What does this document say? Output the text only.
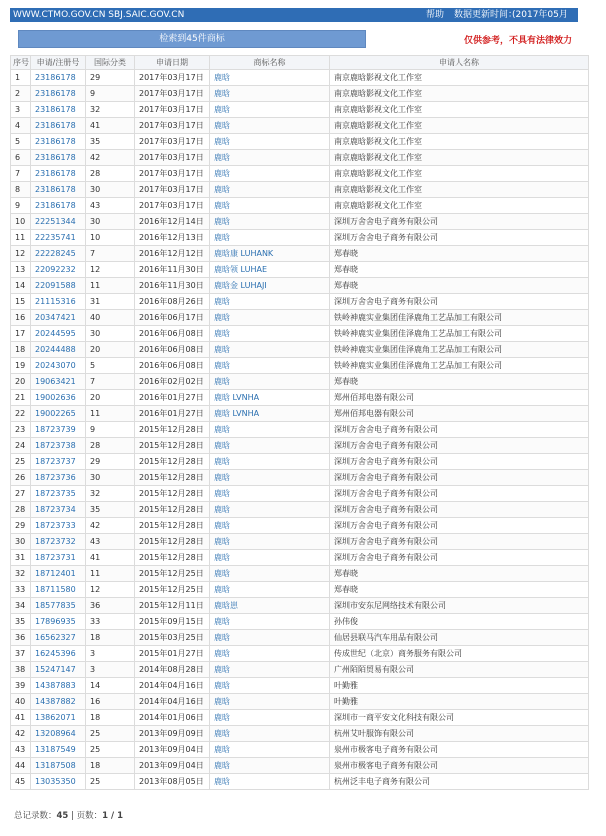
WWW.CTMO.GOV.CN SBJ.SAIC.GOV.CN	帮助 数据更新时间：
(2017年05月31日)
检索到45件商标	仅供参考，不具有法律效力
序号	申请/注册号	国际分类	申请日期	商标名称	申请人名称
1	23186178	29	2017年03月17日	鹿晗	南京鹿晗影视文化工作室
2	23186178	9	2017年03月17日	鹿晗	南京鹿晗影视文化工作室
3	23186178	32	2017年03月17日	鹿晗	南京鹿晗影视文化工作室
4	23186178	41	2017年03月17日	鹿晗	南京鹿晗影视文化工作室
5	23186178	35	2017年03月17日	鹿晗	南京鹿晗影视文化工作室
6	23186178	42	2017年03月17日	鹿晗	南京鹿晗影视文化工作室
7	23186178	28	2017年03月17日	鹿晗	南京鹿晗影视文化工作室
8	23186178	30	2017年03月17日	鹿晗	南京鹿晗影视文化工作室
9	23186178	43	2017年03月17日	鹿晗	南京鹿晗影视文化工作室
10	22251344	30	2016年12月14日	鹿晗	深圳万舍舍电子商务有限公司
11	22235741	10	2016年12月13日	鹿晗	深圳万舍舍电子商务有限公司
12	22228245	7	2016年12月12日	鹿晗康 LUHANK	郑春晓
13	22092232	12	2016年11月30日	鹿晗领 LUHAE	郑春晓
14	22091588	11	2016年11月30日	鹿晗金 LUHAJI	郑春晓
15	21115316	31	2016年08月26日	鹿晗	深圳万舍舍电子商务有限公司
16	20347421	40	2016年06月17日	鹿晗	铁岭神鹿实业集团佳泽鹿角工艺品加工有限公司
17	20244595	30	2016年06月08日	鹿晗	铁岭神鹿实业集团佳泽鹿角工艺品加工有限公司
18	20244488	20	2016年06月08日	鹿晗	铁岭神鹿实业集团佳泽鹿角工艺品加工有限公司
19	20243070	5	2016年06月08日	鹿晗	铁岭神鹿实业集团佳泽鹿角工艺品加工有限公司
20	19063421	7	2016年02月02日	鹿晗	郑春晓
21	19002636	20	2016年01月27日	鹿晗 LVNHA	郑州佰邦电器有限公司
22	19002265	11	2016年01月27日	鹿晗 LVNHA	郑州佰邦电器有限公司
23	18723739	9	2015年12月28日	鹿晗	深圳万舍舍电子商务有限公司
24	18723738	28	2015年12月28日	鹿晗	深圳万舍舍电子商务有限公司
25	18723737	29	2015年12月28日	鹿晗	深圳万舍舍电子商务有限公司
26	18723736	30	2015年12月28日	鹿晗	深圳万舍舍电子商务有限公司
27	18723735	32	2015年12月28日	鹿晗	深圳万舍舍电子商务有限公司
28	18723734	35	2015年12月28日	鹿晗	深圳万舍舍电子商务有限公司
29	18723733	42	2015年12月28日	鹿晗	深圳万舍舍电子商务有限公司
30	18723732	43	2015年12月28日	鹿晗	深圳万舍舍电子商务有限公司
31	18723731	41	2015年12月28日	鹿晗	深圳万舍舍电子商务有限公司
32	18712401	11	2015年12月25日	鹿晗	郑春晓
33	18711580	12	2015年12月25日	鹿晗	郑春晓
34	18577835	36	2015年12月11日	鹿晗崽	深圳市安东尼网络技术有限公司
35	17896935	33	2015年09月15日	鹿晗	孙伟俊
36	16562327	18	2015年03月25日	鹿晗	仙居县联马汽车用品有限公司
37	16245396	3	2015年01月27日	鹿晗	传成世纪（北京）商务服务有限公司
38	15247147	3	2014年08月28日	鹿晗	广州陌陌贸易有限公司
39	14387883	14	2014年04月16日	鹿晗	叶勤雅
40	14387882	16	2014年04月16日	鹿晗	叶勤雅
41	13862071	18	2014年01月06日	鹿晗	深圳市一商平安文化科技有限公司
42	13208964	25	2013年09月09日	鹿晗	杭州艾叶服饰有限公司
43	13187549	25	2013年09月04日	鹿晗	泉州市极客电子商务有限公司
44	13187508	18	2013年09月04日	鹿晗	泉州市极客电子商务有限公司
45	13035350	25	2013年08月05日	鹿晗	杭州泛丰电子商务有限公司
总记录数：45 | 页数：1 / 1
